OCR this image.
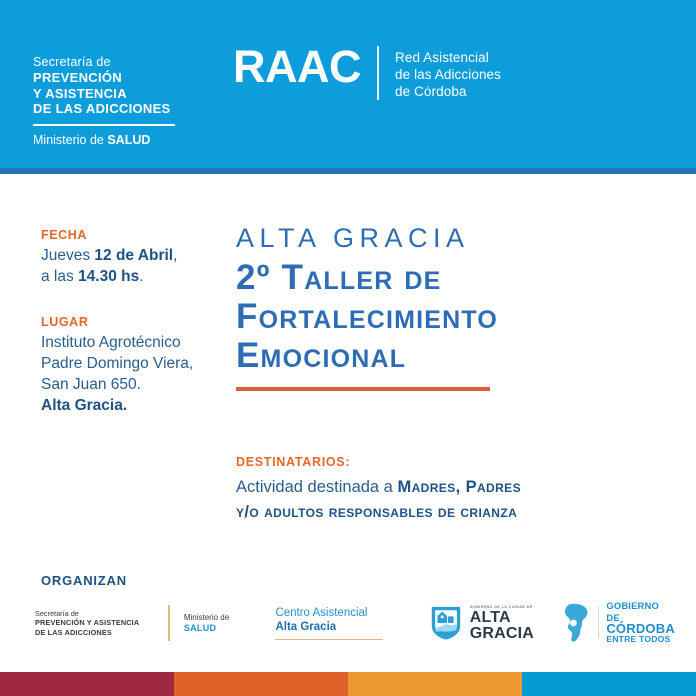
Secretaría de
PREVENCIÓN
Y ASISTENCIA
DE LAS ADICCIONES
Ministerio de SALUD
RAAC	Red Asistencial
de las Adicciones
de Córdoba
FECHA
Jueves 12 de Abril,
a las 14.30 hs.
LUGAR
Instituto Agrotécnico
Padre Domingo Viera,
San Juan 650.
Alta Gracia.
ALTA GRACIA
2º Taller de
Fortalecimiento
Emocional
DESTINATARIOS:
Actividad destinada a Madres, Padres
y/o adultos responsables de crianza
ORGANIZAN
Secretaría de
PREVENCIÓN Y ASISTENCIA
DE LAS ADICCIONES
Ministerio de
SALUD
Centro Asistencial
Alta Gracia
GOBIERNO DE LA CIUDAD DE
ALTA
GRACIA
GOBIERNO DE
CÓRDOBA
ENTRE TODOS
